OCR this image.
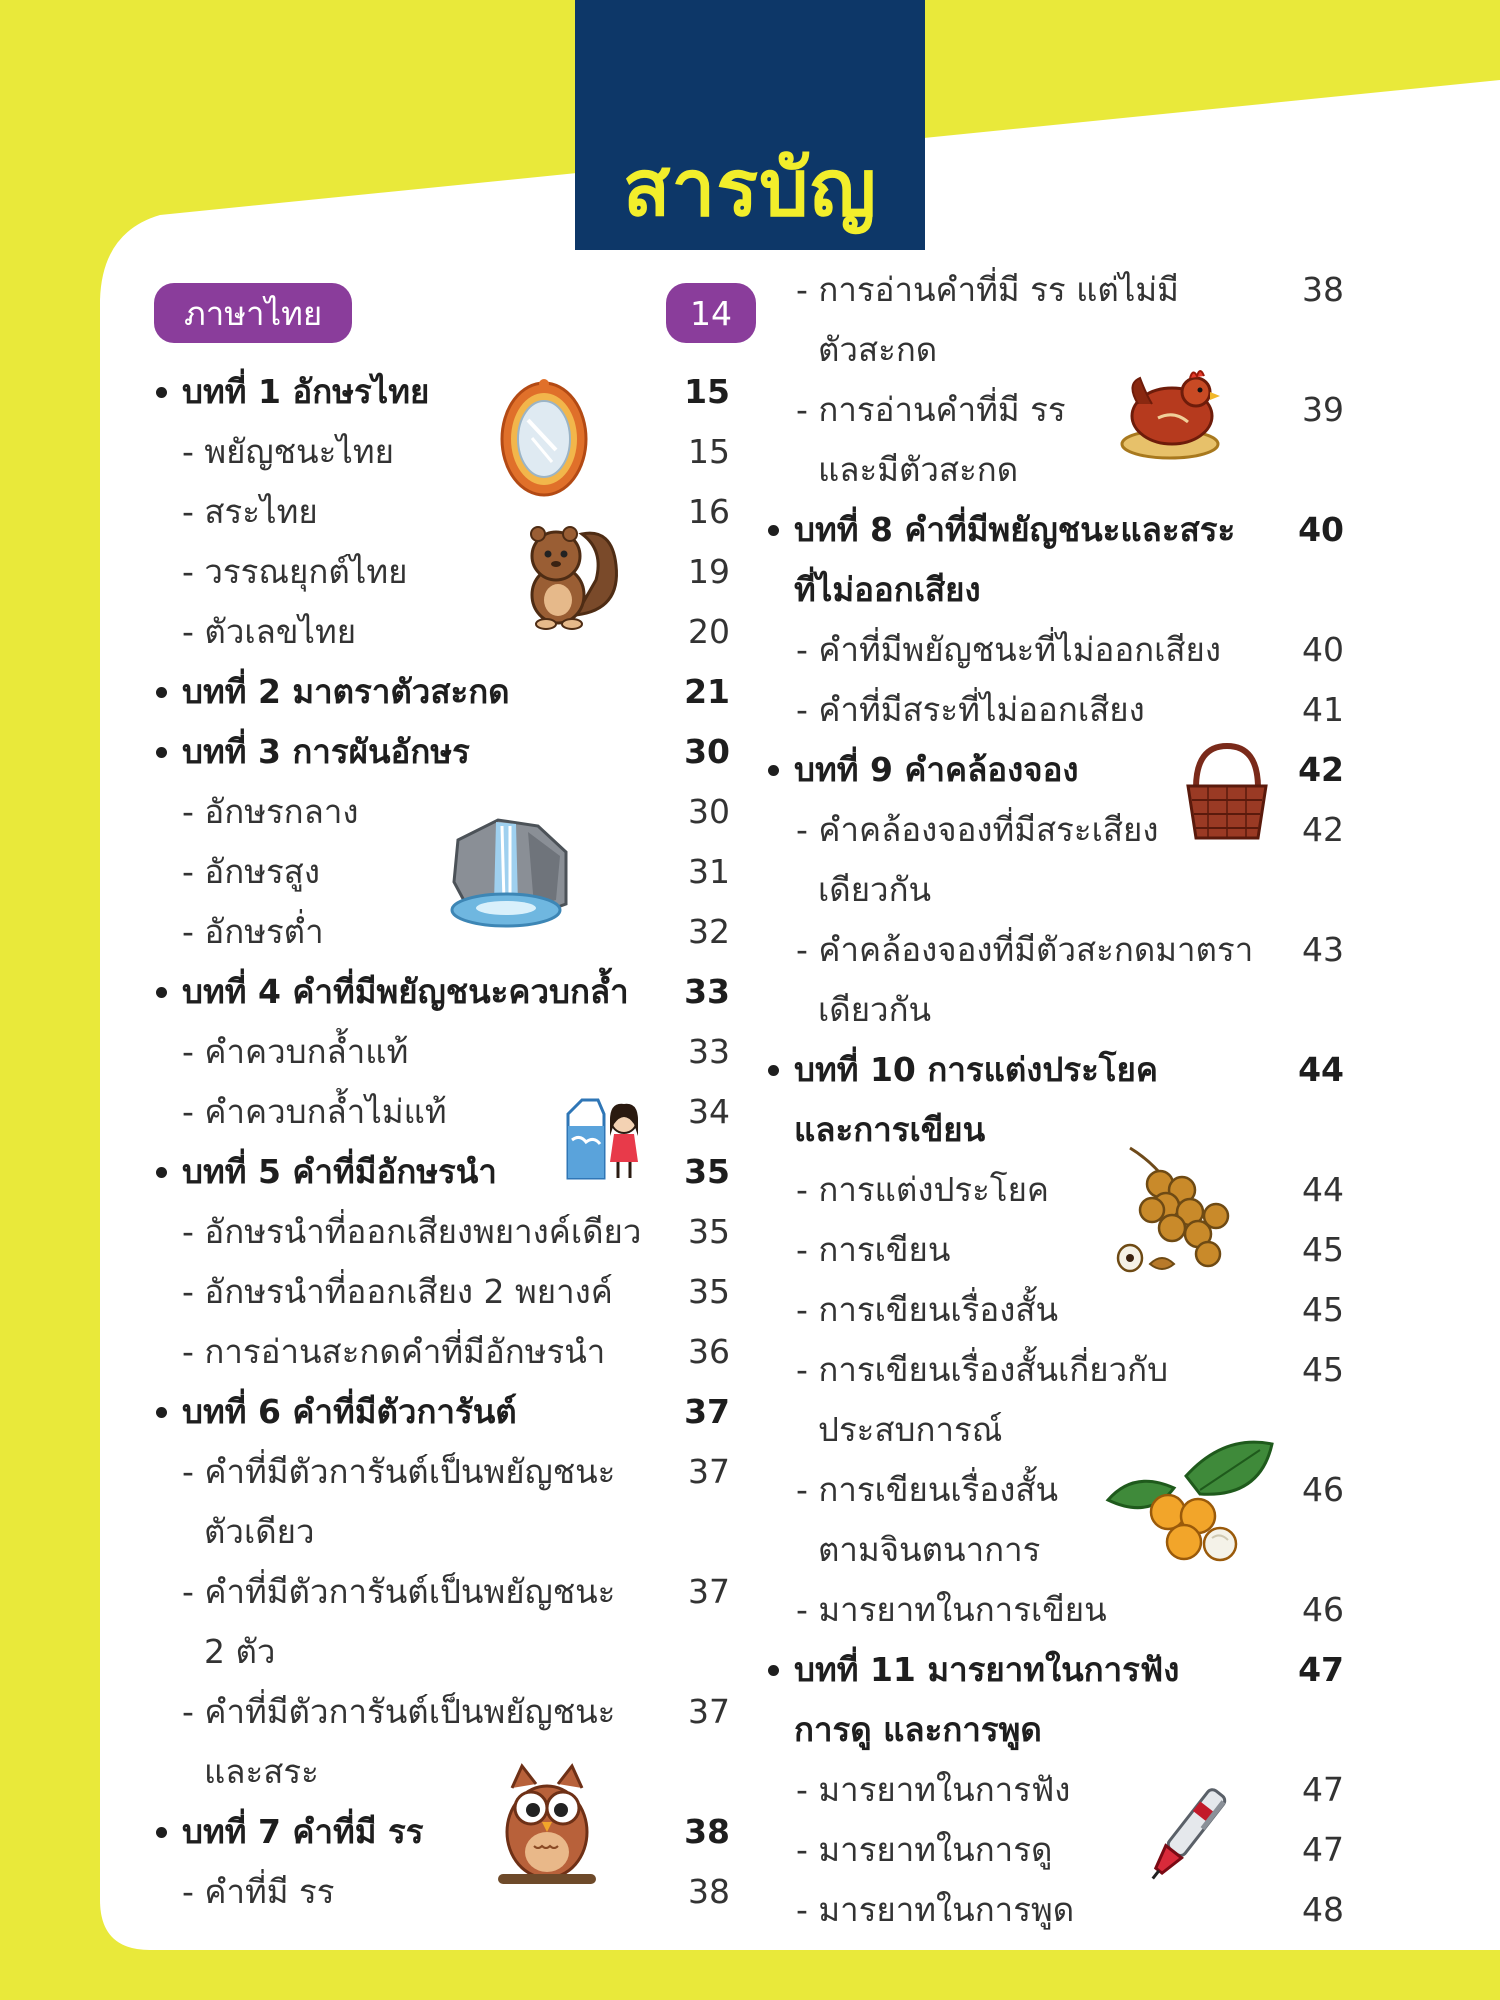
สารบัญ
ภาษาไทย	14
บทที่ 1 อักษรไทย	15
- พยัญชนะไทย	15
- สระไทย	16
- วรรณยุกต์ไทย	19
- ตัวเลขไทย	20
บทที่ 2 มาตราตัวสะกด	21
บทที่ 3 การผันอักษร	30
- อักษรกลาง	30
- อักษรสูง	31
- อักษรต่ำ	32
บทที่ 4 คำที่มีพยัญชนะควบกล้ำ	33
- คำควบกล้ำแท้	33
- คำควบกล้ำไม่แท้	34
บทที่ 5 คำที่มีอักษรนำ	35
- อักษรนำที่ออกเสียงพยางค์เดียว	35
- อักษรนำที่ออกเสียง 2 พยางค์	35
- การอ่านสะกดคำที่มีอักษรนำ	36
บทที่ 6 คำที่มีตัวการันต์	37
- คำที่มีตัวการันต์เป็นพยัญชนะ	37
ตัวเดียว
- คำที่มีตัวการันต์เป็นพยัญชนะ	37
2 ตัว
- คำที่มีตัวการันต์เป็นพยัญชนะ	37
และสระ
บทที่ 7 คำที่มี รร	38
- คำที่มี รร	38
- การอ่านคำที่มี รร แต่ไม่มี	38
ตัวสะกด
- การอ่านคำที่มี รร	39
และมีตัวสะกด
บทที่ 8 คำที่มีพยัญชนะและสระ	40
ที่ไม่ออกเสียง
- คำที่มีพยัญชนะที่ไม่ออกเสียง	40
- คำที่มีสระที่ไม่ออกเสียง	41
บทที่ 9 คำคล้องจอง	42
- คำคล้องจองที่มีสระเสียง	42
เดียวกัน
- คำคล้องจองที่มีตัวสะกดมาตรา	43
เดียวกัน
บทที่ 10 การแต่งประโยค	44
และการเขียน
- การแต่งประโยค	44
- การเขียน	45
- การเขียนเรื่องสั้น	45
- การเขียนเรื่องสั้นเกี่ยวกับ	45
ประสบการณ์
- การเขียนเรื่องสั้น	46
ตามจินตนาการ
- มารยาทในการเขียน	46
บทที่ 11 มารยาทในการฟัง	47
การดู และการพูด
- มารยาทในการฟัง	47
- มารยาทในการดู	47
- มารยาทในการพูด	48
